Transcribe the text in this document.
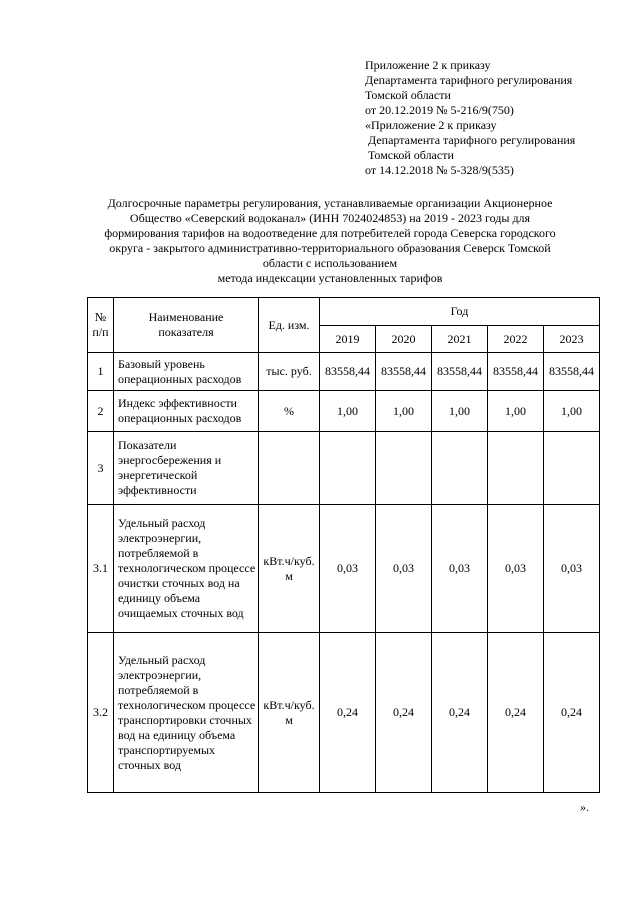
Приложение 2 к приказу
Департамента тарифного регулирования
Томской области
от 20.12.2019 № 5-216/9(750)
«Приложение 2 к приказу
Департамента тарифного регулирования
Томской области
от 14.12.2018 № 5-328/9(535)
Долгосрочные параметры регулирования, устанавливаемые организации Акционерное
Общество «Северский водоканал» (ИНН 7024024853) на 2019 - 2023 годы для
формирования тарифов на водоотведение для потребителей города Северска городского
округа - закрытого административно-территориального образования Северск Томской
области с использованием
метода индексации установленных тарифов
№ п/п	Наименование показателя	Ед. изм.	Год				
			2019	2020	2021	2022	2023
1	Базовый уровень операционных расходов	тыс. руб.	83558,44	83558,44	83558,44	83558,44	83558,44
2	Индекс эффективности операционных расходов	%	1,00	1,00	1,00	1,00	1,00
3	Показатели энергосбережения и энергетической эффективности						
3.1	Удельный расход электроэнергии, потребляемой в технологическом процессе очистки сточных вод на единицу объема очищаемых сточных вод	кВт.ч/куб. м	0,03	0,03	0,03	0,03	0,03
3.2	Удельный расход электроэнергии, потребляемой в технологическом процессе транспортировки сточных вод на единицу объема транспортируемых сточных вод	кВт.ч/куб. м	0,24	0,24	0,24	0,24	0,24
».
